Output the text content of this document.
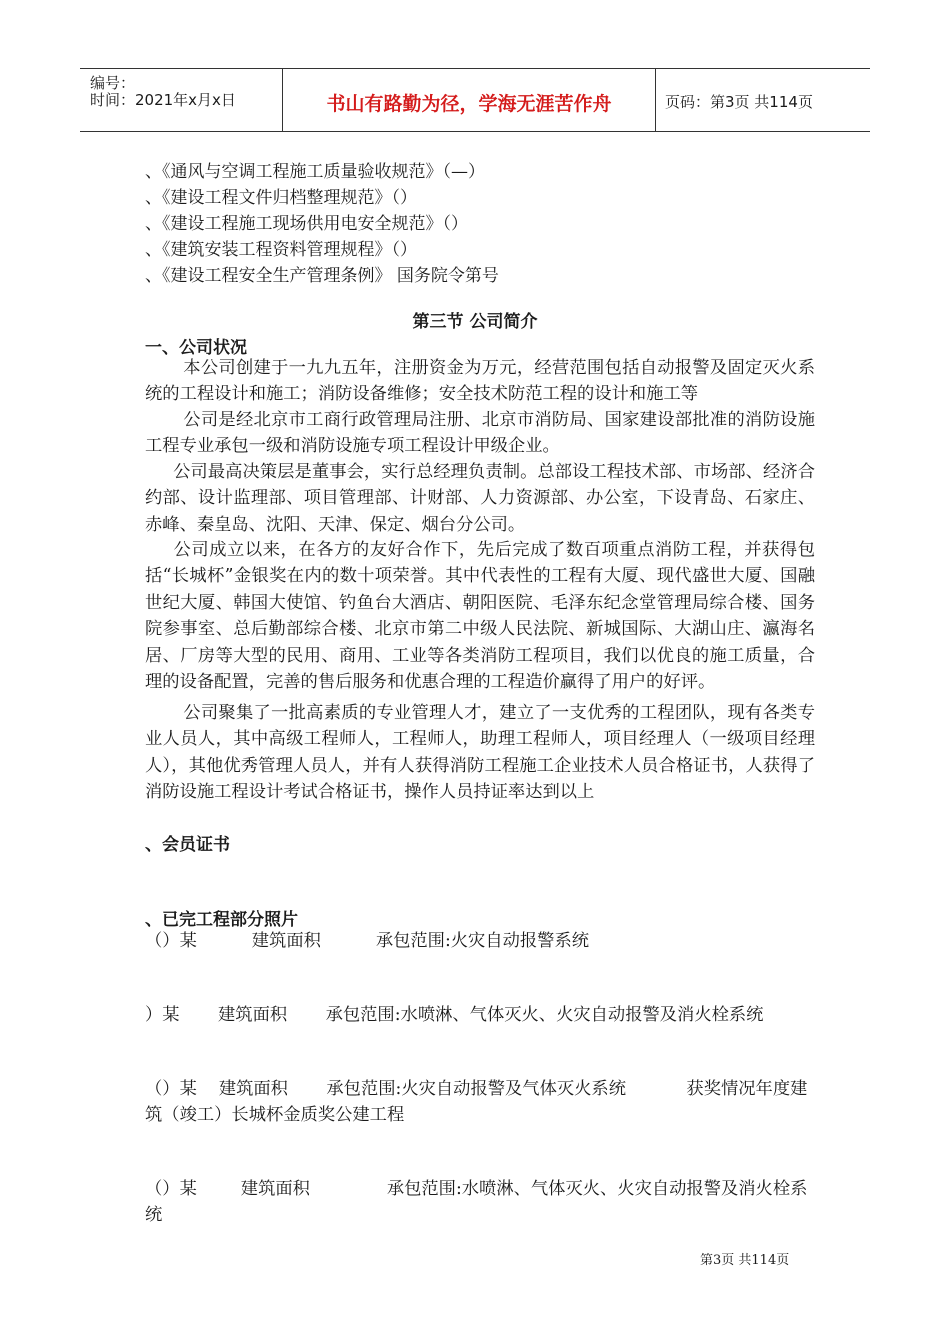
编号：
时间：2021年x月x日	书山有路勤为径，学海无涯苦作舟	页码：第3页 共114页
、《通风与空调工程施工质量验收规范》（—）
、《建设工程文件归档整理规范》（）
、《建设工程施工现场供用电安全规范》（）
、《建筑安装工程资料管理规程》（）
、《建设工程安全生产管理条例》 国务院令第号
第三节 公司简介
一、公司状况
本公司创建于一九九五年，注册资金为万元，经营范围包括自动报警及固定灭火系统的工程设计和施工；消防设备维修；安全技术防范工程的设计和施工等
公司是经北京市工商行政管理局注册、北京市消防局、国家建设部批准的消防设施工程专业承包一级和消防设施专项工程设计甲级企业。
公司最高决策层是董事会，实行总经理负责制。总部设工程技术部、市场部、经济合约部、设计监理部、项目管理部、计财部、人力资源部、办公室，下设青岛、石家庄、赤峰、秦皇岛、沈阳、天津、保定、烟台分公司。
公司成立以来，在各方的友好合作下，先后完成了数百项重点消防工程，并获得包括“长城杯”金银奖在内的数十项荣誉。其中代表性的工程有大厦、现代盛世大厦、国融世纪大厦、韩国大使馆、钓鱼台大酒店、朝阳医院、毛泽东纪念堂管理局综合楼、国务院参事室、总后勤部综合楼、北京市第二中级人民法院、新城国际、大湖山庄、瀛海名居、厂房等大型的民用、商用、工业等各类消防工程项目，我们以优良的施工质量，合理的设备配置，完善的售后服务和优惠合理的工程造价赢得了用户的好评。
公司聚集了一批高素质的专业管理人才，建立了一支优秀的工程团队，现有各类专业人员人，其中高级工程师人，工程师人，助理工程师人，项目经理人（一级项目经理人），其他优秀管理人员人，并有人获得消防工程施工企业技术人员合格证书，人获得了消防设施工程设计考试合格证书，操作人员持证率达到以上
、会员证书
、已完工程部分照片
（）某          建筑面积          承包范围:火灾自动报警系统
）某       建筑面积       承包范围:水喷淋、气体灭火、火灾自动报警及消火栓系统
（）某    建筑面积       承包范围:火灾自动报警及气体灭火系统           获奖情况年度建筑（竣工）长城杯金质奖公建工程
（）某        建筑面积              承包范围:水喷淋、气体灭火、火灾自动报警及消火栓系统
第3页 共114页
